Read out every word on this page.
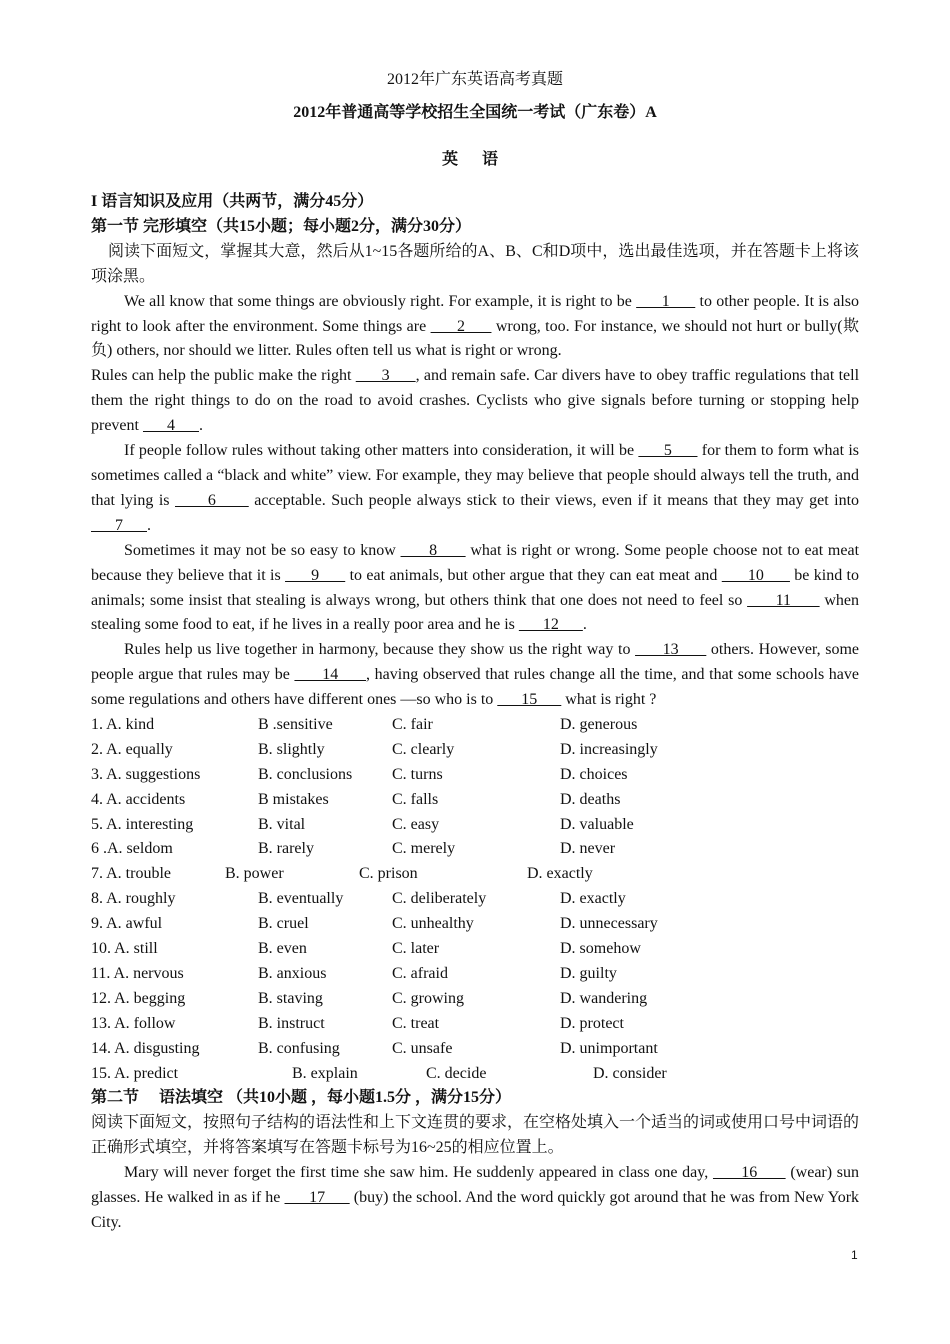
2012年广东英语高考真题
2012年普通高等学校招生全国统一考试（广东卷）A
英 语
I 语言知识及应用（共两节，满分45分）
第一节 完形填空（共15小题；每小题2分，满分30分）

阅读下面短文，掌握其大意，然后从1~15各题所给的A、B、C和D项中，选出最佳选项，并在答题卡上将该项涂黑。

We all know that some things are obviously right. For example, it is right to be       1       to other people. It is also right to look after the environment. Some things are       2       wrong, too. For instance, we should not hurt or bully(欺负) others, nor should we litter. Rules often tell us what is right or wrong.

Rules can help the public make the right       3      , and remain safe. Car divers have to obey traffic regulations that tell them the right things to do on the road to avoid crashes. Cyclists who give signals before turning or stopping help prevent       4      .

If people follow rules without taking other matters into consideration, it will be       5       for them to form what is sometimes called a “black and white” view. For example, they may believe that people should always tell the truth, and that lying is       6       acceptable. Such people always stick to their views, even if it means that they may get into       7      .

Sometimes it may not be so easy to know       8       what is right or wrong. Some people choose not to eat meat because they believe that it is       9       to eat animals, but other argue that they can eat meat and       10       be kind to animals; some insist that stealing is always wrong, but others think that one does not need to feel so       11       when stealing some food to eat, if he lives in a really poor area and he is       12      .

Rules help us live together in harmony, because they show us the right way to       13       others. However, some people argue that rules may be       14      , having observed that rules change all the time, and that some schools have some regulations and others have different ones —so who is to       15       what is right ?

1. A. kind	B .sensitive	C. fair	D. generous
2. A. equally	B. slightly	C. clearly	D. increasingly
3. A. suggestions	B. conclusions C. turns	D. choices
4. A. accidents	B mistakes	C. falls	D. deaths
5. A. interesting	B. vital	C. easy	D. valuable
6 .A. seldom	B. rarely	C. merely	D. never
7. A. trouble	B. power	C. prison	D. exactly
8. A. roughly	B. eventually	C. deliberately	D. exactly
9. A. awful	B. cruel	C. unhealthy	D. unnecessary
10. A. still	B. even	C. later	D. somehow
11. A. nervous	B. anxious	C. afraid	D. guilty
12. A. begging	B. staving	C. growing	D. wandering
13. A. follow	B. instruct	C. treat	D. protect
14. A. disgusting	B. confusing	C. unsafe	D. unimportant
15. A. predict	B. explain	C. decide	D. consider
第二节　 语法填空 （共10小题 ，每小题1.5分 ，满分15分）

阅读下面短文，按照句子结构的语法性和上下文连贯的要求，在空格处填入一个适当的词或使用口号中词语的正确形式填空，并将答案填写在答题卡标号为16~25的相应位置上。

Mary will never forget the first time she saw him. He suddenly appeared in class one day,       16       (wear) sun glasses. He walked in as if he       17       (buy) the school. And the word quickly got around that he was from New York City.

1
